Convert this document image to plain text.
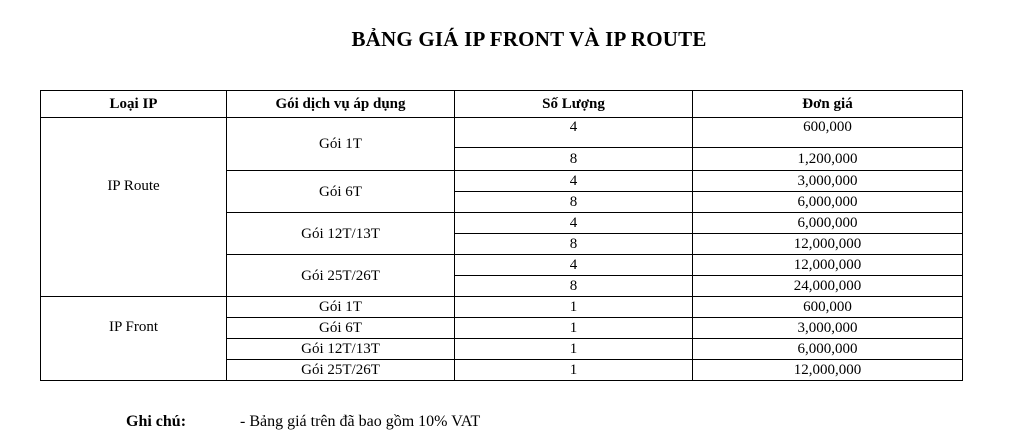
BẢNG GIÁ IP FRONT VÀ IP ROUTE
Loại IP	Gói dịch vụ áp dụng	Số Lượng	Đơn giá

IP Route	Gói 1T	4	600,000
		8	1,200,000
	Gói 6T	4	3,000,000
		8	6,000,000
	Gói 12T/13T	4	6,000,000
		8	12,000,000
	Gói 25T/26T	4	12,000,000
		8	24,000,000

IP Front	Gói 1T	1	600,000
	Gói 6T	1	3,000,000
	Gói 12T/13T	1	6,000,000
	Gói 25T/26T	1	12,000,000
Ghi chú:	- Bảng giá trên đã bao gồm 10% VAT
